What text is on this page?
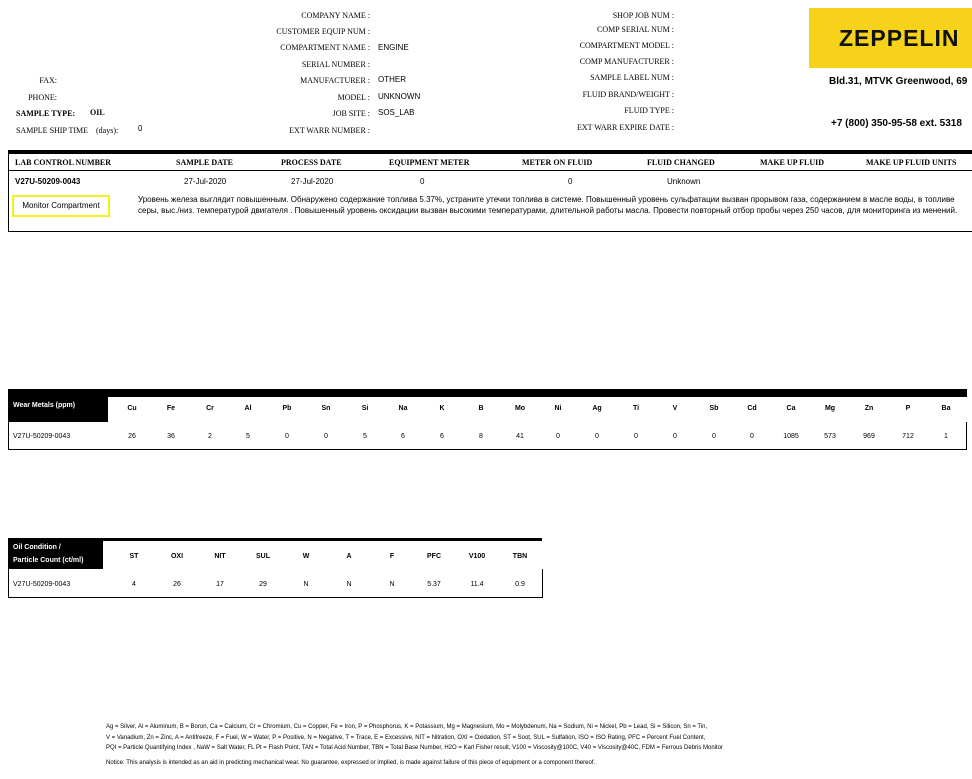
COMPANY NAME :
CUSTOMER EQUIP NUM :
COMPARTMENT NAME : ENGINE
SERIAL NUMBER :
MANUFACTURER : OTHER
MODEL : UNKNOWN
JOB SITE : SOS_LAB
EXT WARR NUMBER :
FAX:
PHONE:
SAMPLE TYPE: OIL
SAMPLE SHIP TIME (days): 0
SHOP JOB NUM :
COMP SERIAL NUM :
COMPARTMENT MODEL :
COMP MANUFACTURER :
SAMPLE LABEL NUM :
FLUID BRAND/WEIGHT :
FLUID TYPE :
EXT WARR EXPIRE DATE :
ZEPPELIN
Bld.31, MTVK Greenwood, 69
+7 (800) 350-95-58 ext. 5318
LAB CONTROL NUMBER	SAMPLE DATE	PROCESS DATE	EQUIPMENT METER	METER ON FLUID	FLUID CHANGED	MAKE UP FLUID	MAKE UP FLUID UNITS
V27U-50209-0043	27-Jul-2020	27-Jul-2020	0	0	Unknown
Monitor Compartment
Уровень железа выглядит повышенным. Обнаружено содержание топлива 5.37%, устраните утечки топлива в системе. Повышенный уровень сульфатации вызван прорывом газа, содержанием в масле воды, в топливе серы, выс./низ. температурой двигателя . Повышенный уровень оксидации вызван высокими температурами, длительной работы масла. Провести повторный отбор пробы через 250 часов, для мониторинга из менений.
Wear Metals (ppm)	Cu	Fe	Cr	Al	Pb	Sn	Si	Na	K	B	Mo	Ni	Ag	Ti	V	Sb	Cd	Ca	Mg	Zn	P	Ba
V27U-50209-0043	26	36	2	5	0	0	5	6	6	8	41	0	0	0	0	0	0	1085	573	969	712	1
Oil Condition /
Particle Count (ct/ml)
ST	OXI	NIT	SUL	W	A	F	PFC	V100	TBN
V27U-50209-0043	4	26	17	29	N	N	N	5.37	11.4	0.9
Ag = Silver, Al = Aluminum, B = Boron, Ca = Calcium, Cr = Chromium, Cu = Copper, Fe = Iron, P = Phosphorus, K = Potassium, Mg = Magnesium, Mo = Molybdenum, Na = Sodium, Ni = Nickel, Pb = Lead, Si = Silicon, Sn = Tin,
V = Vanadium, Zn = Zinc, A = Antifreeze, F = Fuel, W = Water, P = Positive, N = Negative, T = Trace, E = Excessive, NIT = Nitration, OXI = Oxidation, ST = Soot, SUL = Sulfation, ISO = ISO Rating, PFC = Percent Fuel Content,
PQI = Particle Quantifying Index , NaW = Salt Water, FL Pt = Flash Point, TAN = Total Acid Number, TBN = Total Base Number, H2O = Karl Fisher result, V100 = Viscosity@100C, V40 = Viscosity@40C, FDM = Ferrous Debris Monitor
Notice: This analysis is intended as an aid in predicting mechanical wear. No guarantee, expressed or implied, is made against failure of this piece of equipment or a component thereof.
